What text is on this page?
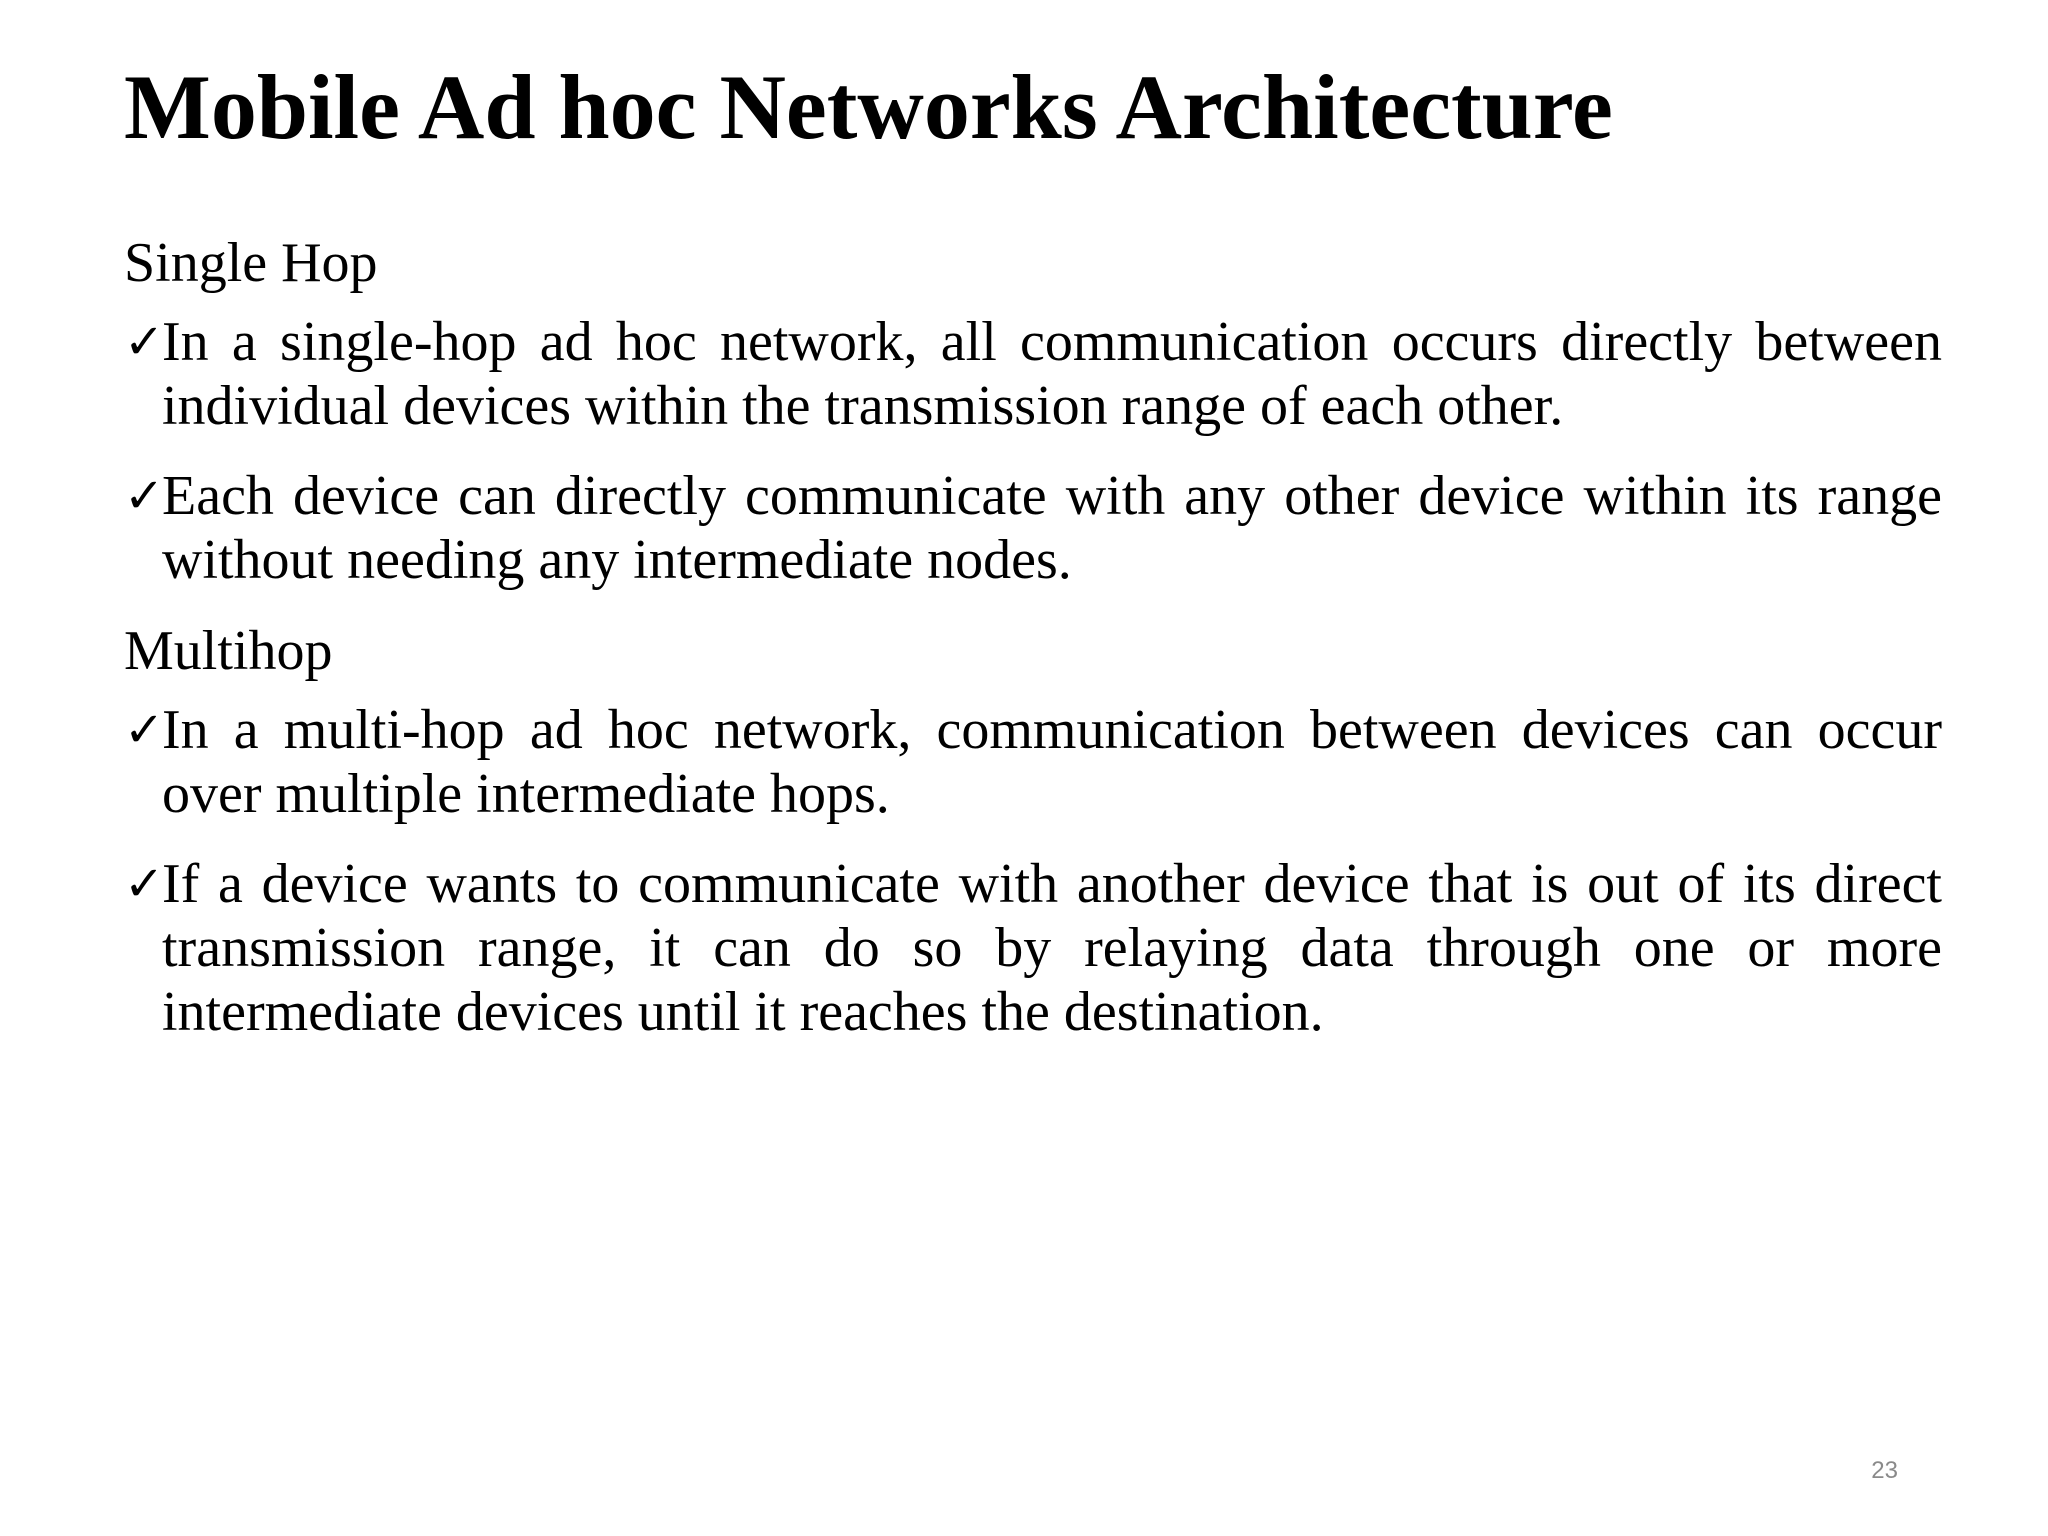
Mobile Ad hoc Networks Architecture

Single Hop

✓
In a single-hop ad hoc network, all communication occurs directly between individual devices within the transmission range of each other.
✓
Each device can directly communicate with any other device within its range without needing any intermediate nodes.

Multihop

✓
In a multi-hop ad hoc network, communication between devices can occur over multiple intermediate hops.
✓
If a device wants to communicate with another device that is out of its direct transmission range, it can do so by relaying data through one or more intermediate devices until it reaches the destination.
23
